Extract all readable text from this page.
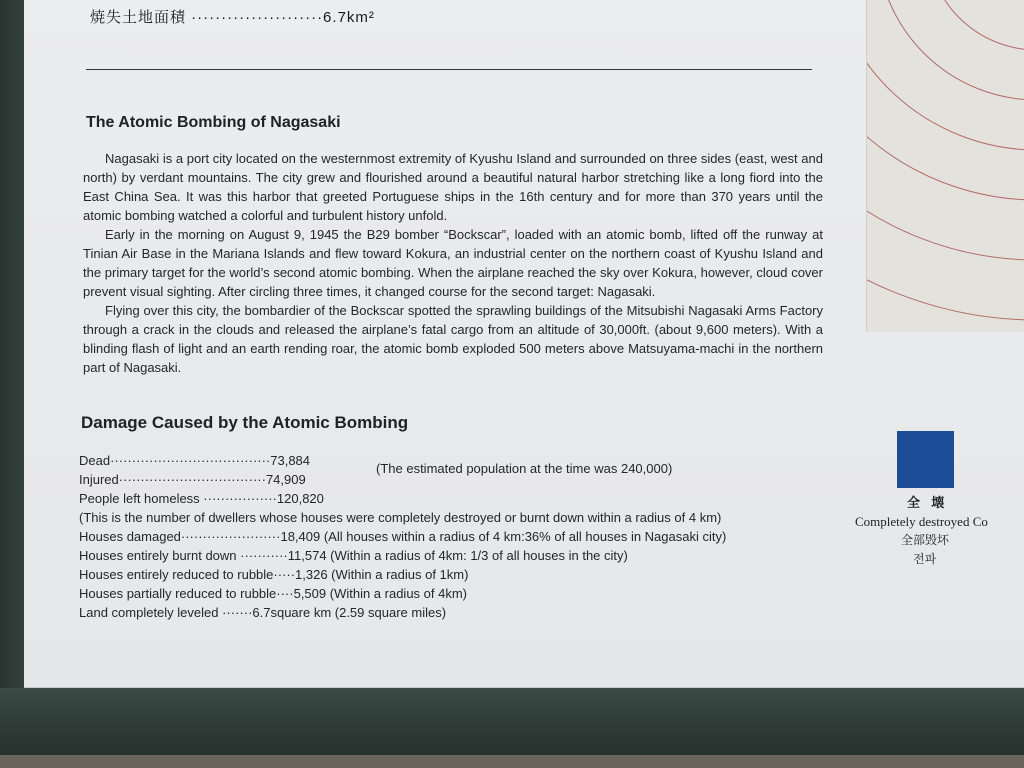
焼失土地面積 ······················6.7km²
The Atomic Bombing of Nagasaki

Nagasaki is a port city located on the westernmost extremity of Kyushu Island and surrounded on three sides (east, west and north) by verdant mountains. The city grew and flourished around a beautiful natural harbor stretching like a long fiord into the East China Sea. It was this harbor that greeted Portuguese ships in the 16th century and for more than 370 years until the atomic bombing watched a colorful and turbulent history unfold.

Early in the morning on August 9, 1945 the B29 bomber “Bockscar”, loaded with an atomic bomb, lifted off the runway at Tinian Air Base in the Mariana Islands and flew toward Kokura, an industrial center on the northern coast of Kyushu Island and the primary target for the world’s second atomic bombing. When the airplane reached the sky over Kokura, however, cloud cover prevent visual sighting. After circling three times, it changed course for the second target: Nagasaki.

Flying over this city, the bombardier of the Bockscar spotted the sprawling buildings of the Mitsubishi Nagasaki Arms Factory through a crack in the clouds and released the airplane’s fatal cargo from an altitude of 30,000ft. (about 9,600 meters). With a blinding flash of light and an earth rending roar, the atomic bomb exploded 500 meters above Matsuyama-machi in the northern part of Nagasaki.

Damage Caused by the Atomic Bombing
Dead·····································73,884
Injured··································74,909
(The estimated population at the time was 240,000)
People left homeless ·················120,820
(This is the number of dwellers whose houses were completely destroyed or burnt down within a radius of 4 km)
Houses damaged·······················18,409 (All houses within a radius of 4 km:36% of all houses in Nagasaki city)
Houses entirely burnt down ···········11,574 (Within a radius of 4km: 1/3 of all houses in the city)
Houses entirely reduced to rubble·····1,326 (Within a radius of 1km)
Houses partially reduced to rubble····5,509 (Within a radius of 4km)
Land completely leveled ·······6.7square km (2.59 square miles)
全 壊
Completely destroyed Co
全部毁坏
전파
